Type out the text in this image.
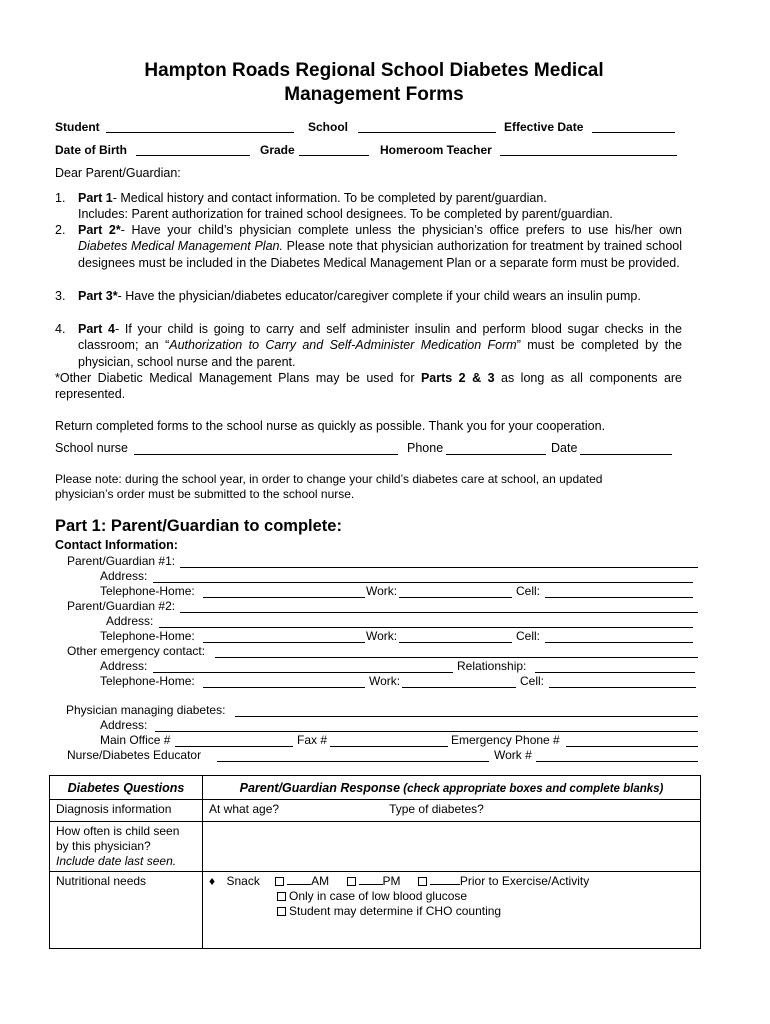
Hampton Roads Regional School Diabetes Medical
Management Forms
Student	School	Effective Date
Date of Birth	Grade	Homeroom Teacher
Dear Parent/Guardian:
1. Part 1- Medical history and contact information. To be completed by parent/guardian.
Includes: Parent authorization for trained school designees. To be completed by parent/guardian.
2. Part 2*- Have your child’s physician complete unless the physician’s office prefers to use his/her own Diabetes Medical Management Plan. Please note that physician authorization for treatment by trained school designees must be included in the Diabetes Medical Management Plan or a separate form must be provided.
3. Part 3*- Have the physician/diabetes educator/caregiver complete if your child wears an insulin pump.
4. Part 4- If your child is going to carry and self administer insulin and perform blood sugar checks in the classroom; an “Authorization to Carry and Self-Administer Medication Form” must be completed by the physician, school nurse and the parent.
*Other Diabetic Medical Management Plans may be used for Parts 2 & 3 as long as all components are represented.
Return completed forms to the school nurse as quickly as possible. Thank you for your cooperation.
School nurse	Phone	Date
Please note: during the school year, in order to change your child’s diabetes care at school, an updated physician’s order must be submitted to the school nurse.
Part 1: Parent/Guardian to complete:
Contact Information:
Parent/Guardian #1:
Address:
Telephone-Home:	Work:	Cell:
Parent/Guardian #2:
Address:
Telephone-Home:	Work:	Cell:
Other emergency contact:
Address:	Relationship:
Telephone-Home:	Work:	Cell:
Physician managing diabetes:
Address:
Main Office #	Fax #	Emergency Phone #
Nurse/Diabetes Educator	Work #
Diabetes Questions	Parent/Guardian Response (check appropriate boxes and complete blanks)
Diagnosis information	At what age? Type of diabetes?
How often is child seen
by this physician?
Include date last seen.	
Nutritional needs	♦ Snack AM PM Prior to Exercise/Activity
Only in case of low blood glucose
Student may determine if CHO counting
